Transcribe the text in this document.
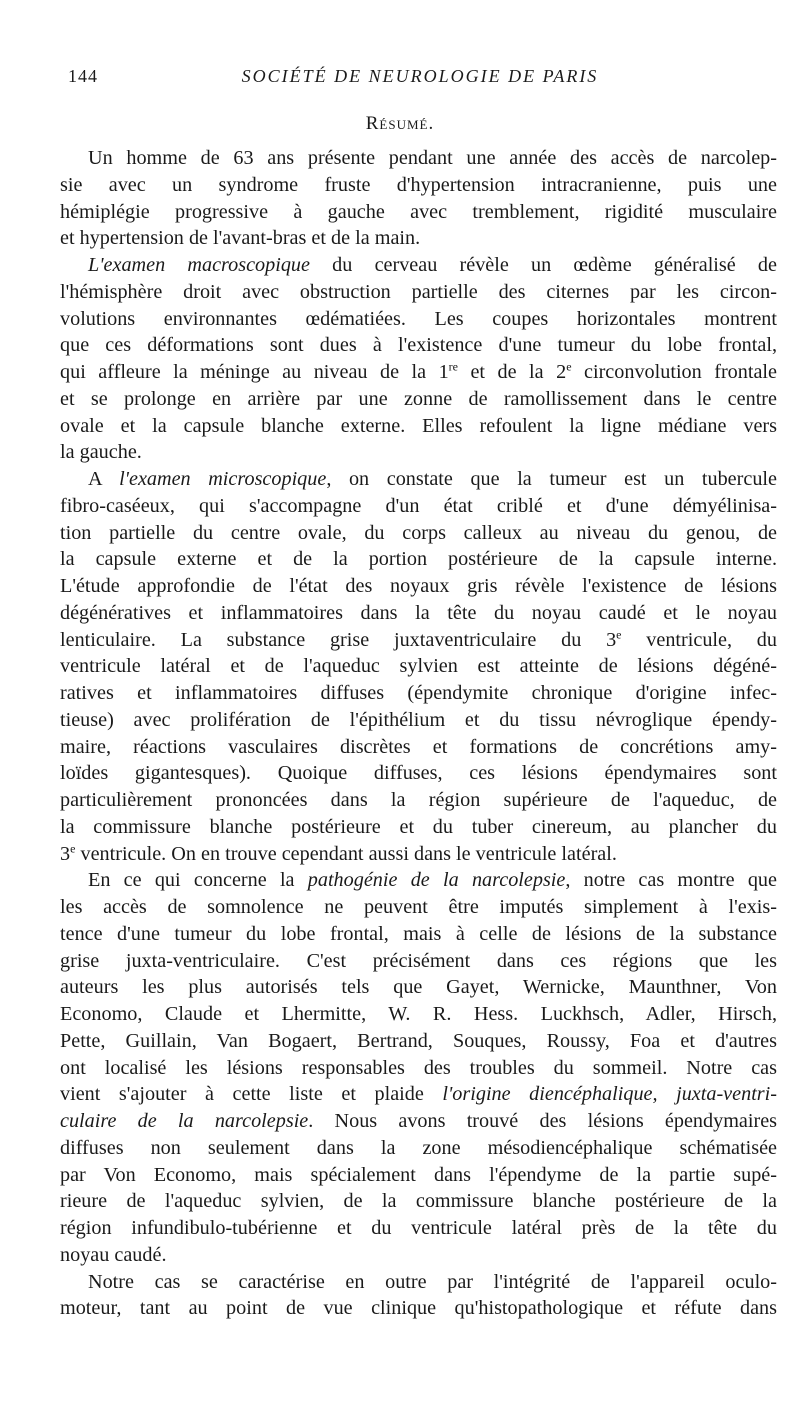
144	SOCIÉTÉ DE NEUROLOGIE DE PARIS
Résumé.
Un homme de 63 ans présente pendant une année des accès de narcolep-
sie avec un syndrome fruste d'hypertension intracranienne, puis une
hémiplégie progressive à gauche avec tremblement, rigidité musculaire
et hypertension de l'avant-bras et de la main.
L'examen macroscopique du cerveau révèle un œdème généralisé de
l'hémisphère droit avec obstruction partielle des citernes par les circon-
volutions environnantes œdématiées. Les coupes horizontales montrent
que ces déformations sont dues à l'existence d'une tumeur du lobe frontal,
qui affleure la méninge au niveau de la 1re et de la 2e circonvolution frontale
et se prolonge en arrière par une zonne de ramollissement dans le centre
ovale et la capsule blanche externe. Elles refoulent la ligne médiane vers
la gauche.
A l'examen microscopique, on constate que la tumeur est un tubercule
fibro-caséeux, qui s'accompagne d'un état criblé et d'une démyélinisa-
tion partielle du centre ovale, du corps calleux au niveau du genou, de
la capsule externe et de la portion postérieure de la capsule interne.
L'étude approfondie de l'état des noyaux gris révèle l'existence de lésions
dégénératives et inflammatoires dans la tête du noyau caudé et le noyau
lenticulaire. La substance grise juxtaventriculaire du 3e ventricule, du
ventricule latéral et de l'aqueduc sylvien est atteinte de lésions dégéné-
ratives et inflammatoires diffuses (épendymite chronique d'origine infec-
tieuse) avec prolifération de l'épithélium et du tissu névroglique épendy-
maire, réactions vasculaires discrètes et formations de concrétions amy-
loïdes gigantesques). Quoique diffuses, ces lésions épendymaires sont
particulièrement prononcées dans la région supérieure de l'aqueduc, de
la commissure blanche postérieure et du tuber cinereum, au plancher du
3e ventricule. On en trouve cependant aussi dans le ventricule latéral.
En ce qui concerne la pathogénie de la narcolepsie, notre cas montre que
les accès de somnolence ne peuvent être imputés simplement à l'exis-
tence d'une tumeur du lobe frontal, mais à celle de lésions de la substance
grise juxta-ventriculaire. C'est précisément dans ces régions que les
auteurs les plus autorisés tels que Gayet, Wernicke, Maunthner, Von
Economo, Claude et Lhermitte, W. R. Hess. Luckhsch, Adler, Hirsch,
Pette, Guillain, Van Bogaert, Bertrand, Souques, Roussy, Foa et d'autres
ont localisé les lésions responsables des troubles du sommeil. Notre cas
vient s'ajouter à cette liste et plaide l'origine diencéphalique, juxta-ventri-
culaire de la narcolepsie. Nous avons trouvé des lésions épendymaires
diffuses non seulement dans la zone mésodiencéphalique schématisée
par Von Economo, mais spécialement dans l'épendyme de la partie supé-
rieure de l'aqueduc sylvien, de la commissure blanche postérieure de la
région infundibulo-tubérienne et du ventricule latéral près de la tête du
noyau caudé.
Notre cas se caractérise en outre par l'intégrité de l'appareil oculo-
moteur, tant au point de vue clinique qu'histopathologique et réfute dans
